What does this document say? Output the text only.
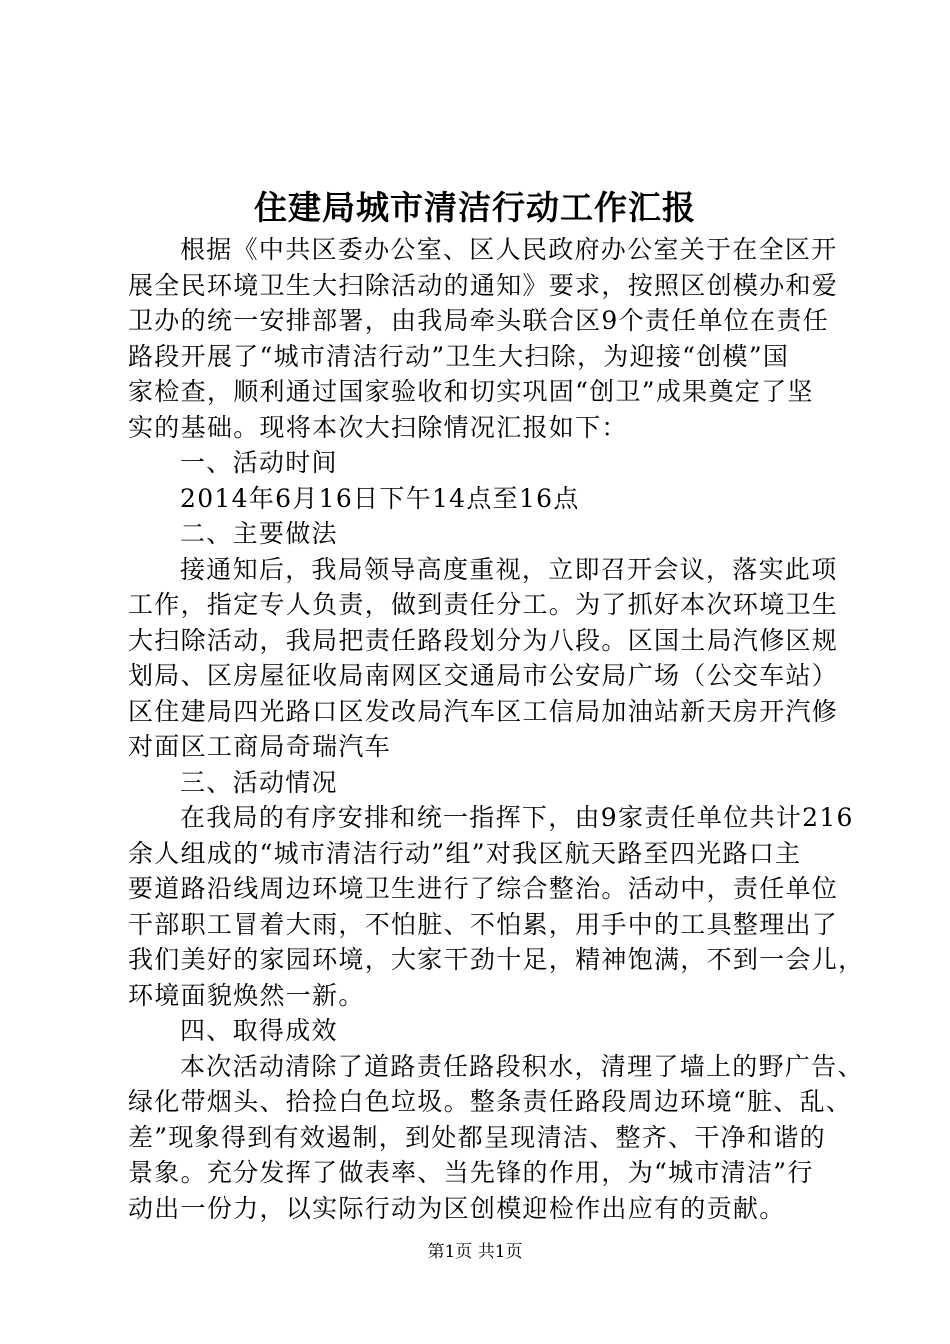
住建局城市清洁行动工作汇报
根据《中共区委办公室、区人民政府办公室关于在全区开
展全民环境卫生大扫除活动的通知》要求，按照区创模办和爱
卫办的统一安排部署，由我局牵头联合区9个责任单位在责任
路段开展了“城市清洁行动”卫生大扫除，为迎接“创模”国
家检查，顺利通过国家验收和切实巩固“创卫”成果奠定了坚
实的基础。现将本次大扫除情况汇报如下：
一、活动时间
2014年6月16日下午14点至16点
二、主要做法
接通知后，我局领导高度重视，立即召开会议，落实此项
工作，指定专人负责，做到责任分工。为了抓好本次环境卫生
大扫除活动，我局把责任路段划分为八段。区国土局汽修区规
划局、区房屋征收局南网区交通局市公安局广场（公交车站）
区住建局四光路口区发改局汽车区工信局加油站新天房开汽修
对面区工商局奇瑞汽车
三、活动情况
在我局的有序安排和统一指挥下，由9家责任单位共计216
余人组成的“城市清洁行动”组”对我区航天路至四光路口主
要道路沿线周边环境卫生进行了综合整治。活动中，责任单位
干部职工冒着大雨，不怕脏、不怕累，用手中的工具整理出了
我们美好的家园环境，大家干劲十足，精神饱满，不到一会儿，
环境面貌焕然一新。
四、取得成效
本次活动清除了道路责任路段积水，清理了墙上的野广告、
绿化带烟头、拾捡白色垃圾。整条责任路段周边环境“脏、乱、
差”现象得到有效遏制，到处都呈现清洁、整齐、干净和谐的
景象。充分发挥了做表率、当先锋的作用，为“城市清洁”行
动出一份力，以实际行动为区创模迎检作出应有的贡献。
第1页 共1页
